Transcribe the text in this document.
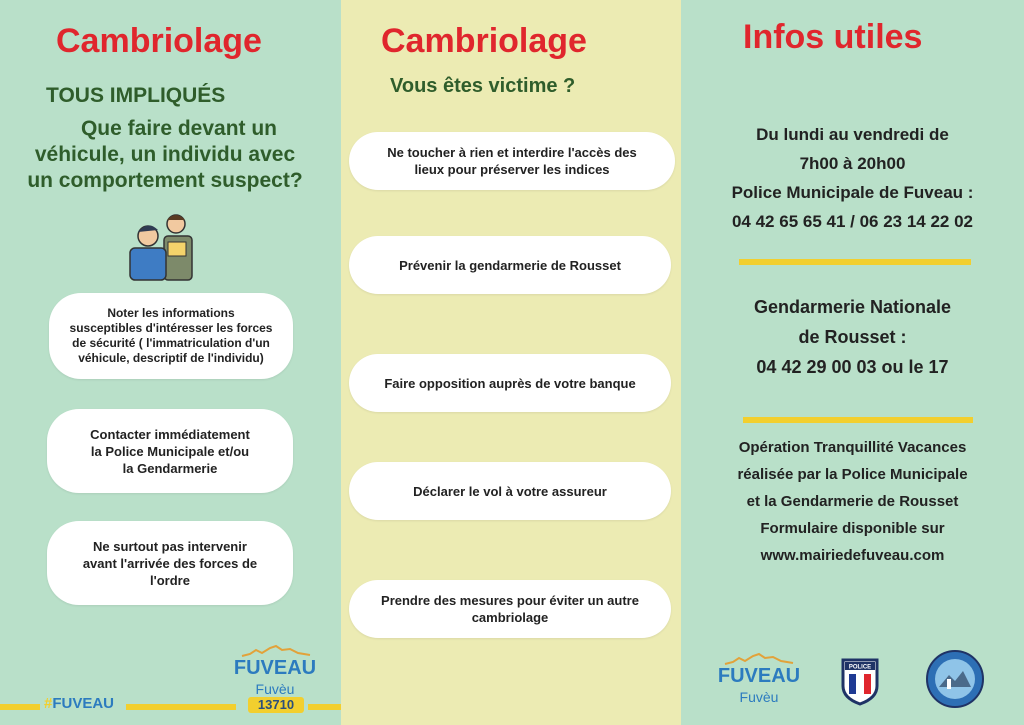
Cambriolage
TOUS IMPLIQUÉS
Que faire devant un
véhicule, un individu avec
un comportement suspect?
Noter les informations
susceptibles d'intéresser les forces
de sécurité ( l'immatriculation d'un
véhicule, descriptif de l'individu)
Contacter immédiatement
la Police Municipale et/ou
la Gendarmerie
Ne surtout pas intervenir
avant l'arrivée des forces de
l'ordre
#FUVEAU
FUVEAU
Fuvèu
13710
Cambriolage
Vous êtes victime ?
Ne toucher à rien et interdire l'accès des
lieux pour préserver les indices
Prévenir la gendarmerie de Rousset
Faire opposition auprès de votre banque
Déclarer le vol à votre assureur
Prendre des mesures pour éviter un autre
cambriolage
Infos utiles
Du lundi au vendredi de
7h00 à 20h00
Police Municipale de Fuveau :
04 42 65 65 41 / 06 23 14 22 02
Gendarmerie Nationale
de Rousset :
04 42 29 00 03 ou le 17
Opération Tranquillité Vacances
réalisée par la Police Municipale
et la Gendarmerie de Rousset
Formulaire disponible sur
www.mairiedefuveau.com
FUVEAU
Fuvèu
POLICE
